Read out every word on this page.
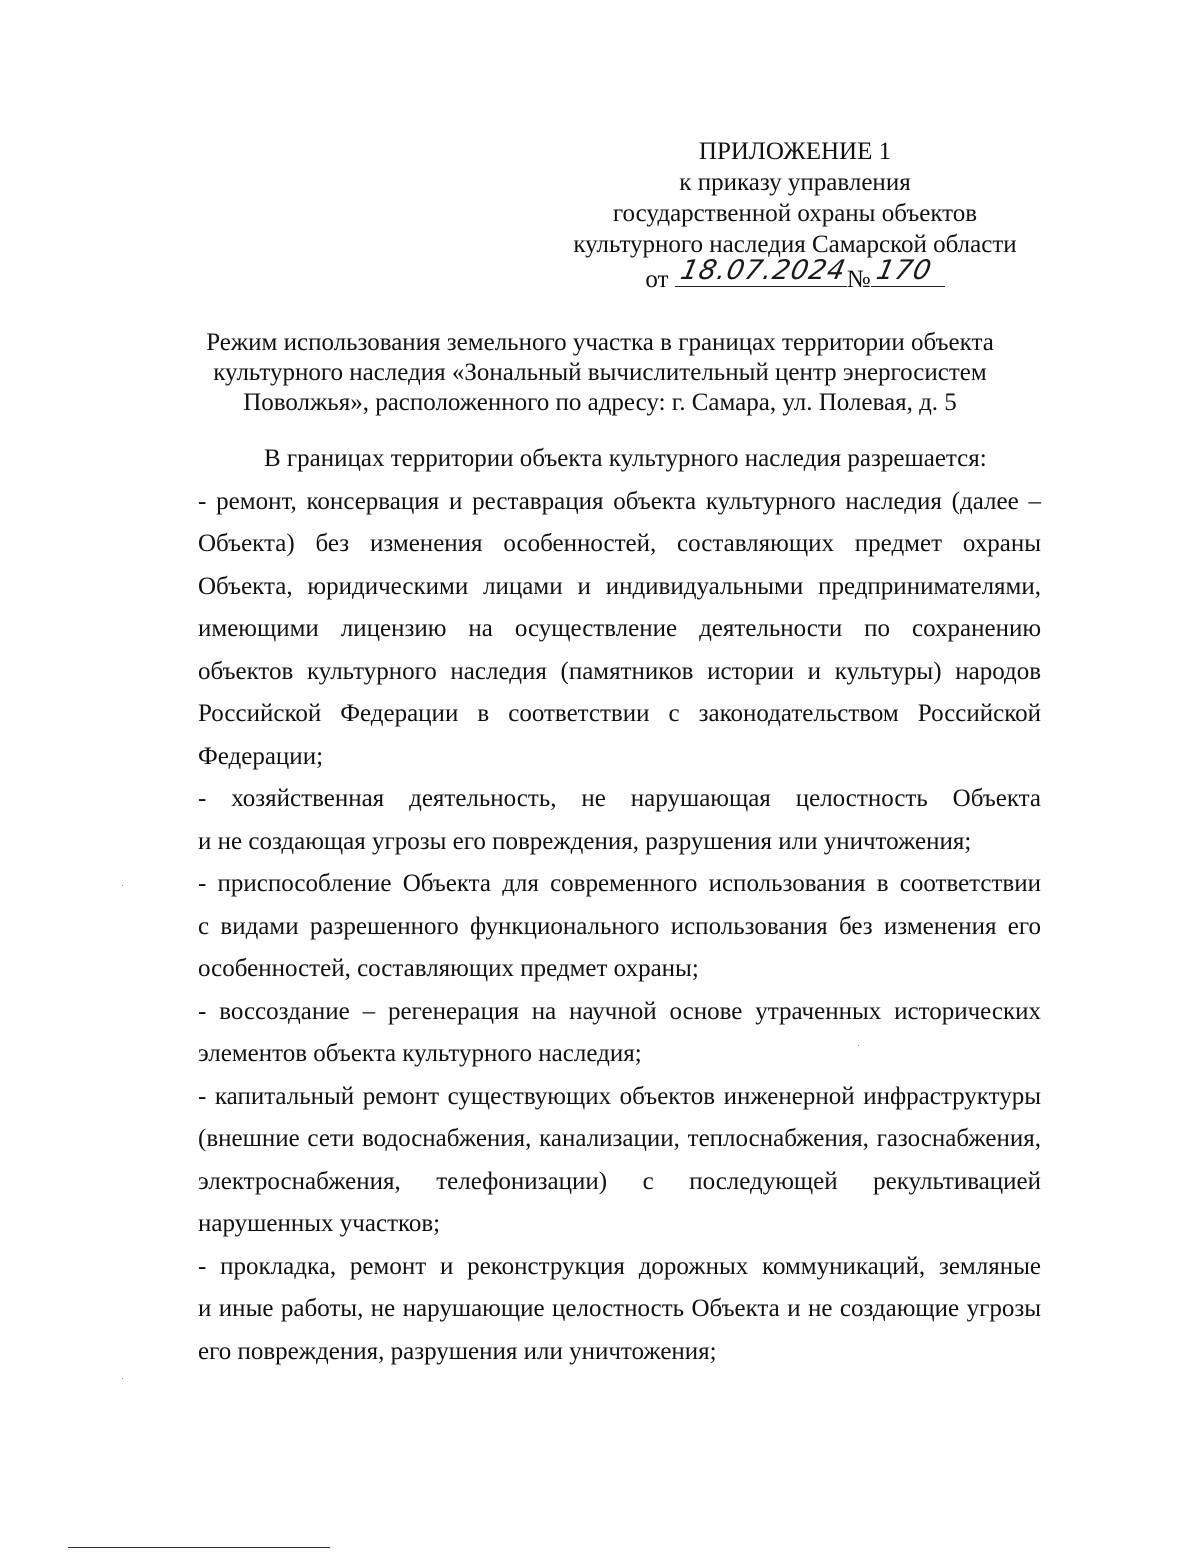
ПРИЛОЖЕНИЕ 1
к приказу управления
государственной охраны объектов
культурного наследия Самарской области
от 18.07.2024
№ 170
Режим использования земельного участка в границах территории объекта
культурного наследия «Зональный вычислительный центр энергосистем
Поволжья», расположенного по адресу: г. Самара, ул. Полевая, д. 5

В границах территории объекта культурного наследия разрешается:

- ремонт, консервация и реставрация объекта культурного наследия (далее –
Объекта) без изменения особенностей, составляющих предмет охраны
Объекта, юридическими лицами и индивидуальными предпринимателями,
имеющими лицензию на осуществление деятельности по сохранению
объектов культурного наследия (памятников истории и культуры) народов
Российской Федерации в соответствии с законодательством Российской
Федерации;
- хозяйственная деятельность, не нарушающая целостность Объекта
и не создающая угрозы его повреждения, разрушения или уничтожения;
- приспособление Объекта для современного использования в соответствии
с видами разрешенного функционального использования без изменения его
особенностей, составляющих предмет охраны;
- воссоздание – регенерация на научной основе утраченных исторических
элементов объекта культурного наследия;
- капитальный ремонт существующих объектов инженерной инфраструктуры
(внешние сети водоснабжения, канализации, теплоснабжения, газоснабжения,
электроснабжения, телефонизации) с последующей рекультивацией
нарушенных участков;
- прокладка, ремонт и реконструкция дорожных коммуникаций, земляные
и иные работы, не нарушающие целостность Объекта и не создающие угрозы
его повреждения, разрушения или уничтожения;
